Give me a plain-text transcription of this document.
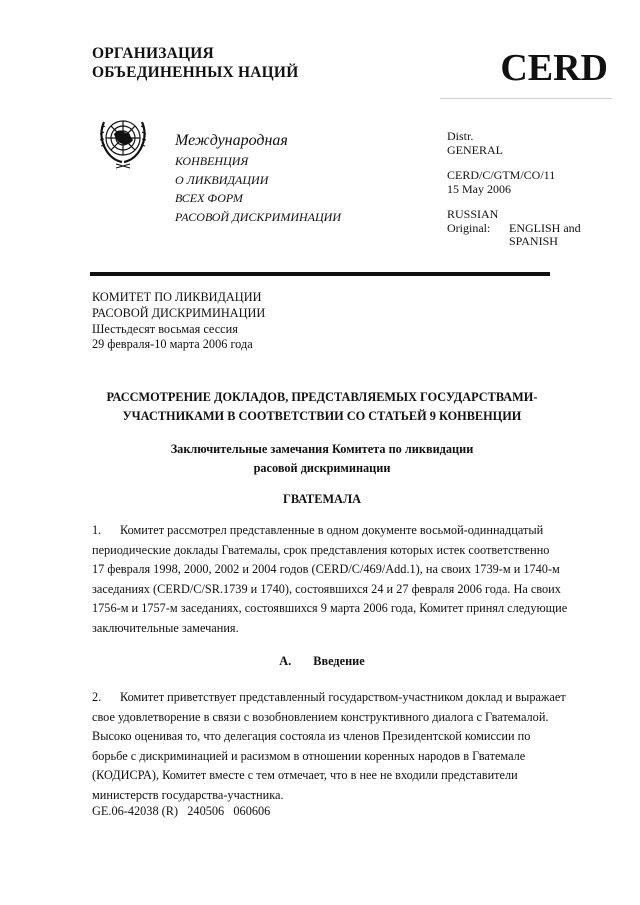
ОРГАНИЗАЦИЯ
ОБЪЕДИНЕННЫХ НАЦИЙ	CERD
Международная
КОНВЕНЦИЯ
О ЛИКВИДАЦИИ
ВСЕХ ФОРМ
РАСОВОЙ ДИСКРИМИНАЦИИ
Distr.
GENERAL
CERD/C/GTM/CO/11
15 May 2006
RUSSIAN
Original:	ENGLISH and
SPANISH
КОМИТЕТ ПО ЛИКВИДАЦИИ
РАСОВОЙ ДИСКРИМИНАЦИИ
Шестьдесят восьмая сессия
29 февраля-10 марта 2006 года
РАССМОТРЕНИЕ ДОКЛАДОВ, ПРЕДСТАВЛЯЕМЫХ ГОСУДАРСТВАМИ-
УЧАСТНИКАМИ В СООТВЕТСТВИИ СО СТАТЬЕЙ 9 КОНВЕНЦИИ
Заключительные замечания Комитета по ликвидации
расовой дискриминации
ГВАТЕМАЛА
1. Комитет рассмотрел представленные в одном документе восьмой-одиннадцатый
периодические доклады Гватемалы, срок представления которых истек соответственно
17 февраля 1998, 2000, 2002 и 2004 годов (CERD/C/469/Add.1), на своих 1739-м и 1740-м
заседаниях (CERD/C/SR.1739 и 1740), состоявшихся 24 и 27 февраля 2006 года. На своих
1756-м и 1757-м заседаниях, состоявшихся 9 марта 2006 года, Комитет принял следующие
заключительные замечания.
A. Введение
2. Комитет приветствует представленный государством-участником доклад и выражает
свое удовлетворение в связи с возобновлением конструктивного диалога с Гватемалой.
Высоко оценивая то, что делегация состояла из членов Президентской комиссии по
борьбе с дискриминацией и расизмом в отношении коренных народов в Гватемале
(КОДИСРА), Комитет вместе с тем отмечает, что в нее не входили представители
министерств государства-участника.
GE.06-42038 (R)   240506   060606
